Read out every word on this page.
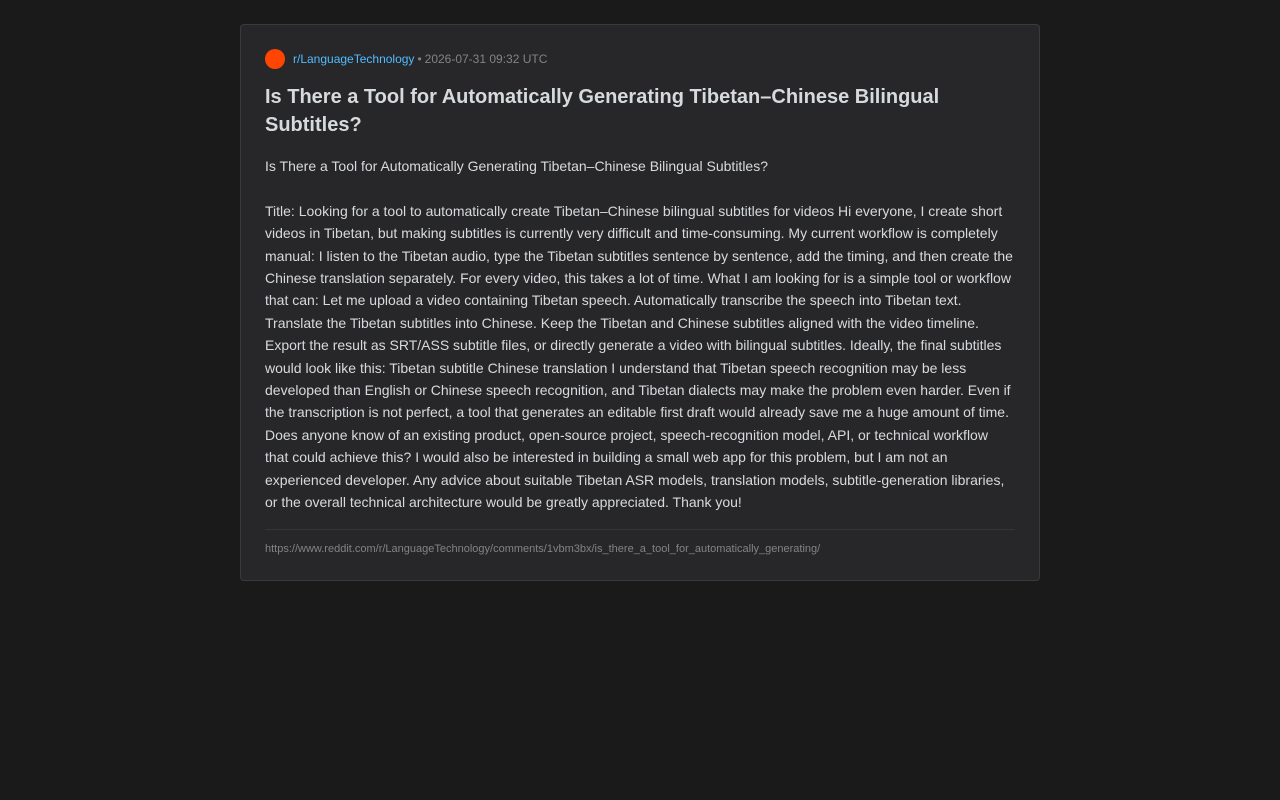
r/LanguageTechnology • 2026-07-31 09:32 UTC
Is There a Tool for Automatically Generating Tibetan–Chinese Bilingual Subtitles?

Is There a Tool for Automatically Generating Tibetan–Chinese Bilingual Subtitles?

Title: Looking for a tool to automatically create Tibetan–Chinese bilingual subtitles for videos Hi everyone, I create short videos in Tibetan, but making subtitles is currently very difficult and time-consuming. My current workflow is completely manual: I listen to the Tibetan audio, type the Tibetan subtitles sentence by sentence, add the timing, and then create the Chinese translation separately. For every video, this takes a lot of time. What I am looking for is a simple tool or workflow that can: Let me upload a video containing Tibetan speech. Automatically transcribe the speech into Tibetan text. Translate the Tibetan subtitles into Chinese. Keep the Tibetan and Chinese subtitles aligned with the video timeline. Export the result as SRT/ASS subtitle files, or directly generate a video with bilingual subtitles. Ideally, the final subtitles would look like this: Tibetan subtitle Chinese translation I understand that Tibetan speech recognition may be less developed than English or Chinese speech recognition, and Tibetan dialects may make the problem even harder. Even if the transcription is not perfect, a tool that generates an editable first draft would already save me a huge amount of time. Does anyone know of an existing product, open-source project, speech-recognition model, API, or technical workflow that could achieve this? I would also be interested in building a small web app for this problem, but I am not an experienced developer. Any advice about suitable Tibetan ASR models, translation models, subtitle-generation libraries, or the overall technical architecture would be greatly appreciated. Thank you!

https://www.reddit.com/r/LanguageTechnology/comments/1vbm3bx/is_there_a_tool_for_automatically_generating/
